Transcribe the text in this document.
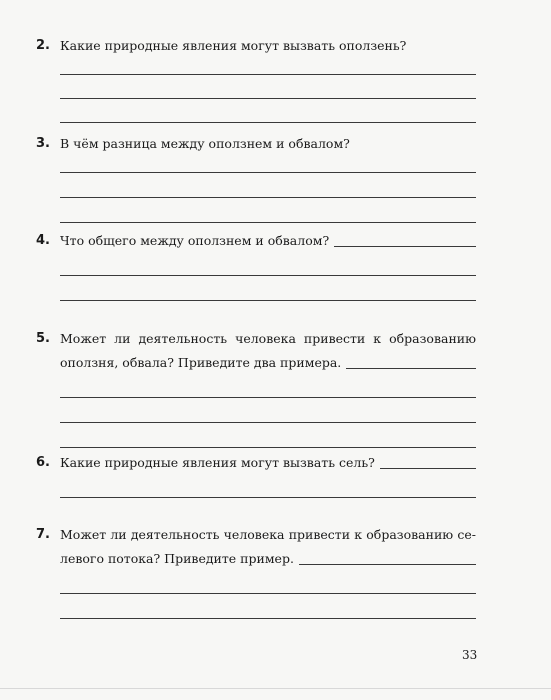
2. Какие природные явления могут вызвать оползень?
3. В чём разница между оползнем и обвалом?
4. Что общего между оползнем и обвалом?
5. Может ли деятельность человека привести к образованию
оползня, обвала? Приведите два примера.
6. Какие природные явления могут вызвать сель?
7. Может ли деятельность человека привести к образованию се-
левого потока? Приведите пример.
33
